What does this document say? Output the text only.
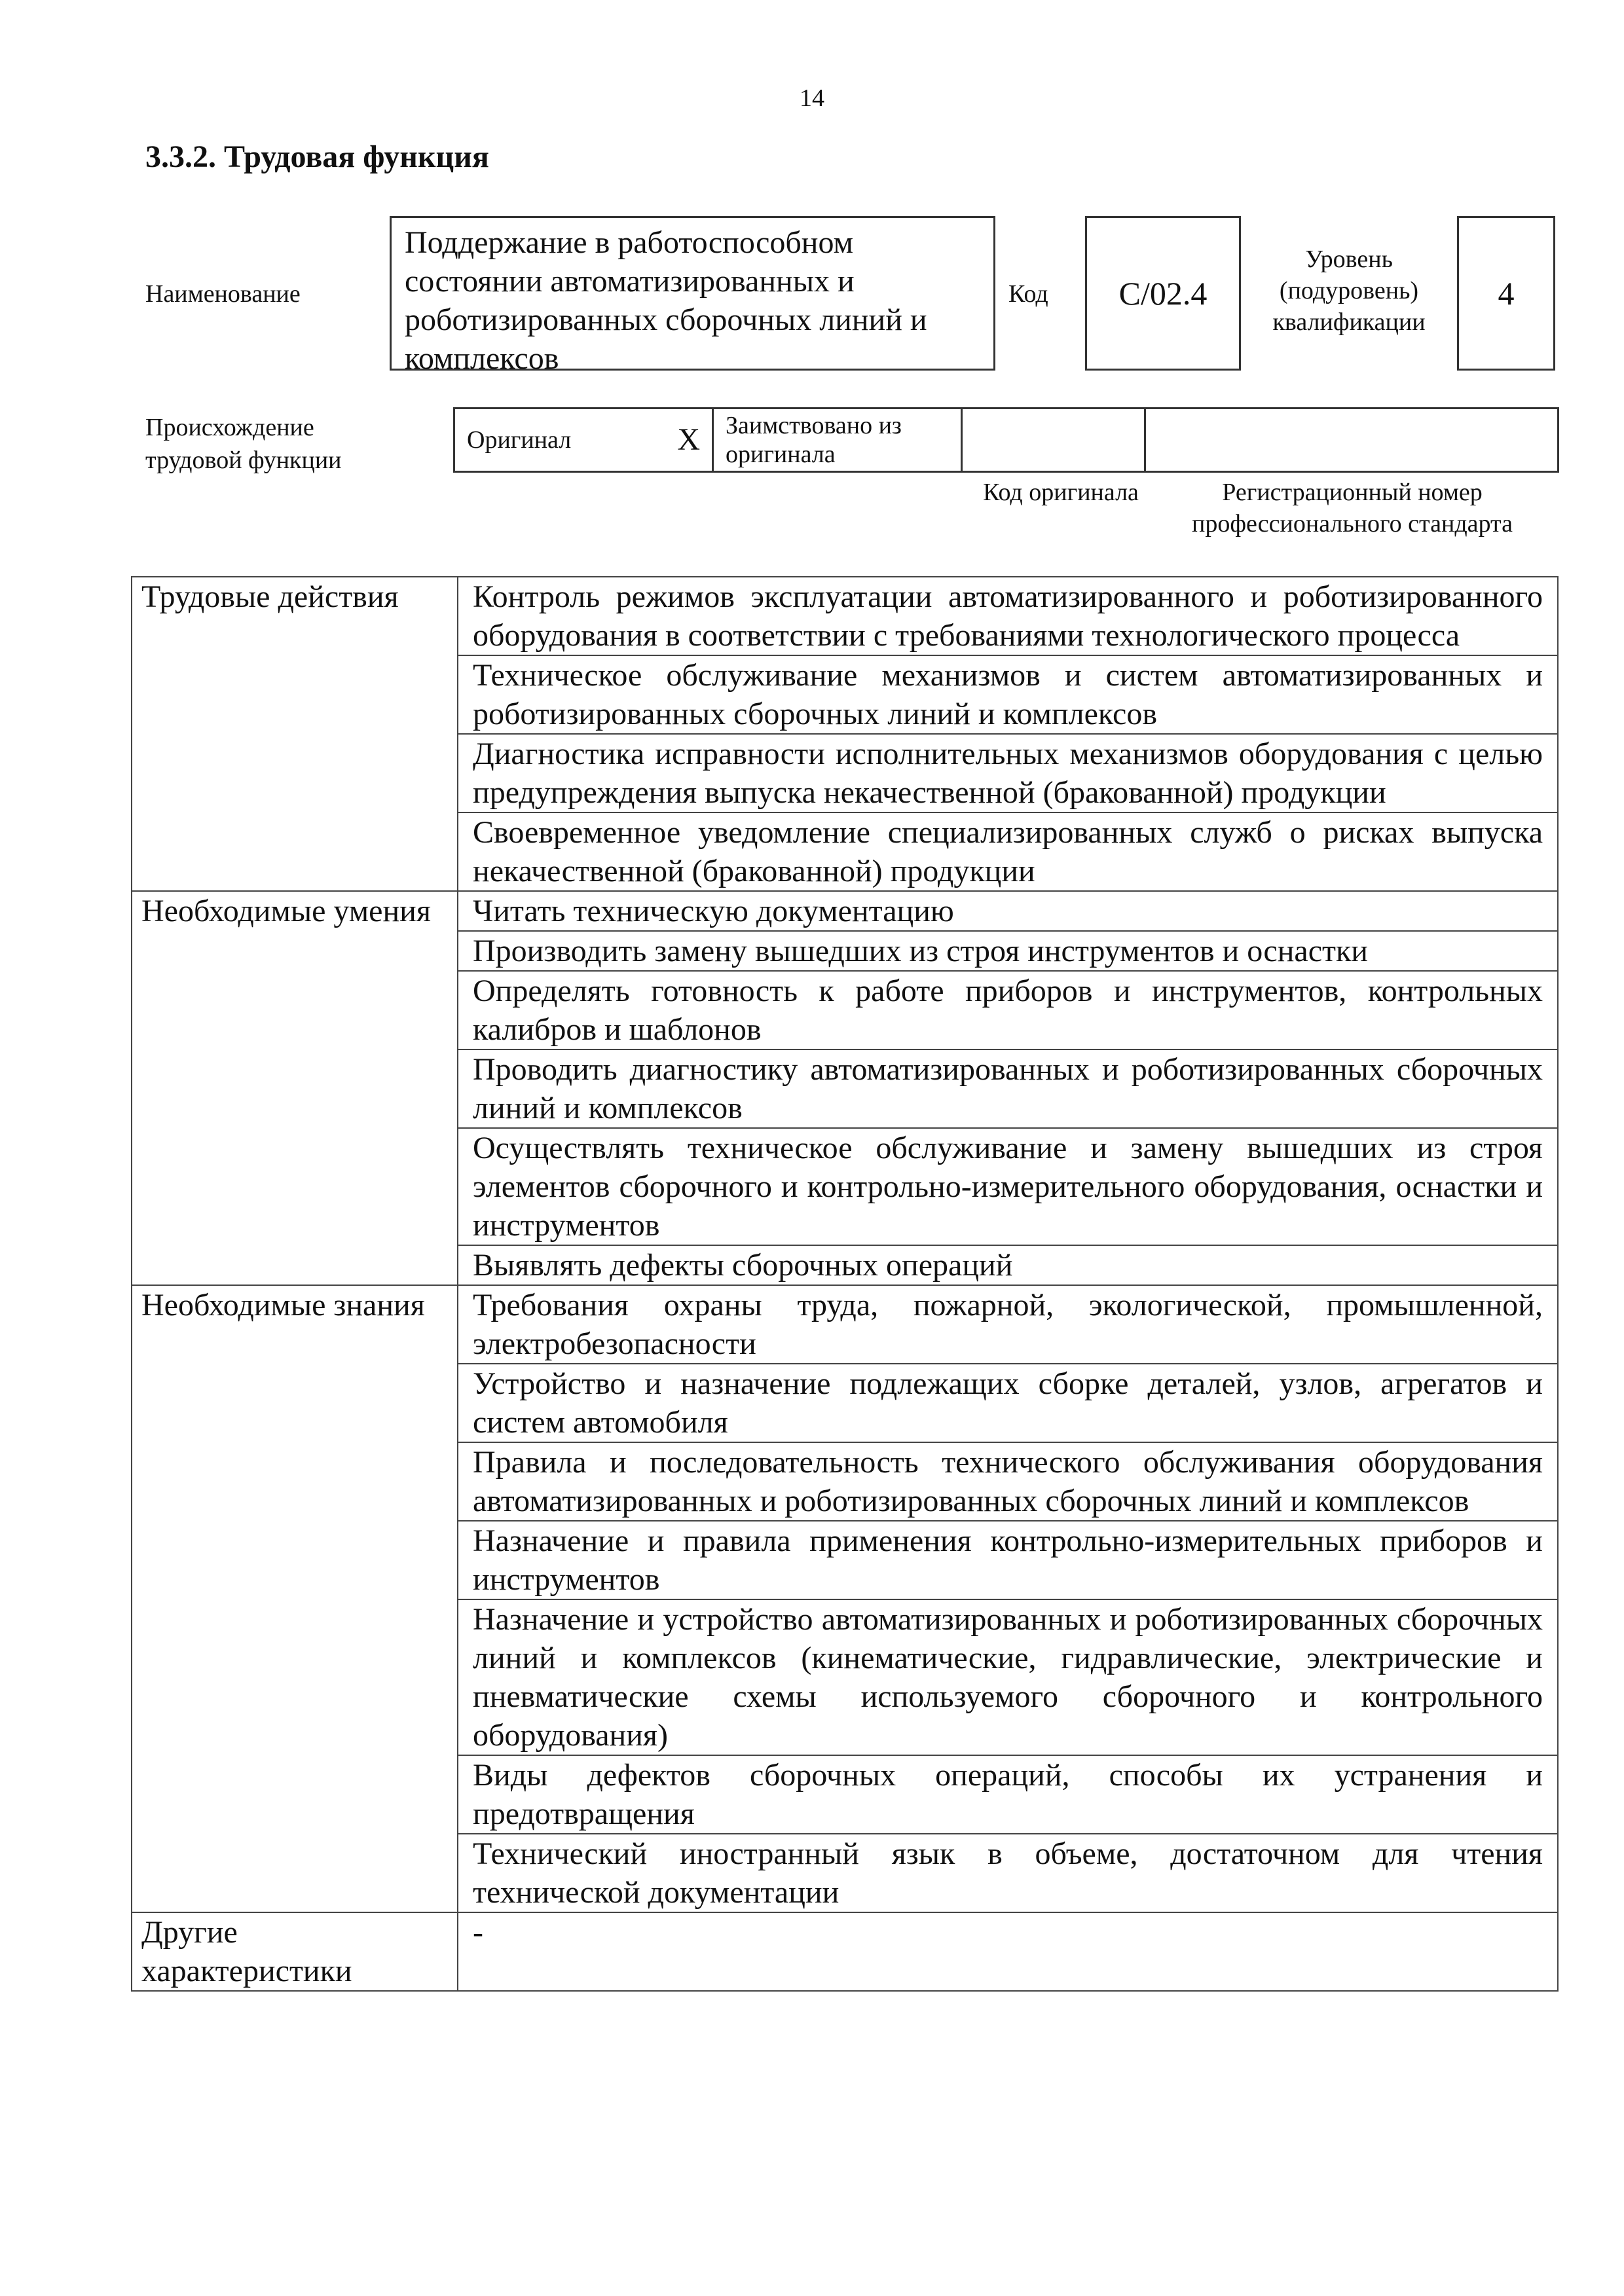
14
3.3.2. Трудовая функция
Наименование
Поддержание в работоспособном состоянии автоматизированных и роботизированных сборочных линий и комплексов
Код C/02.4
Уровень (подуровень) квалификации
4
Происхождение трудовой функции
Оригинал	X	Заимствовано из оригинала		
Код оригинала	Регистрационный номер профессионального стандарта
Трудовые действия	Контроль режимов эксплуатации автоматизированного и роботизированного оборудования в соответствии с требованиями технологического процесса
	Техническое обслуживание механизмов и систем автоматизированных и роботизированных сборочных линий и комплексов
	Диагностика исправности исполнительных механизмов оборудования с целью предупреждения выпуска некачественной (бракованной) продукции
	Своевременное уведомление специализированных служб о рисках выпуска некачественной (бракованной) продукции
Необходимые умения	Читать техническую документацию
	Производить замену вышедших из строя инструментов и оснастки
	Определять готовность к работе приборов и инструментов, контрольных калибров и шаблонов
	Проводить диагностику автоматизированных и роботизированных сборочных линий и комплексов
	Осуществлять техническое обслуживание и замену вышедших из строя элементов сборочного и контрольно-измерительного оборудования, оснастки и инструментов
	Выявлять дефекты сборочных операций
Необходимые знания	Требования охраны труда, пожарной, экологической, промышленной, электробезопасности
	Устройство и назначение подлежащих сборке деталей, узлов, агрегатов и систем автомобиля
	Правила и последовательность технического обслуживания оборудования автоматизированных и роботизированных сборочных линий и комплексов
	Назначение и правила применения контрольно-измерительных приборов и инструментов
	Назначение и устройство автоматизированных и роботизированных сборочных линий и комплексов (кинематические, гидравлические, электрические и пневматические схемы используемого сборочного и контрольного оборудования)
	Виды дефектов сборочных операций, способы их устранения и предотвращения
	Технический иностранный язык в объеме, достаточном для чтения технической документации
Другие характеристики	-
